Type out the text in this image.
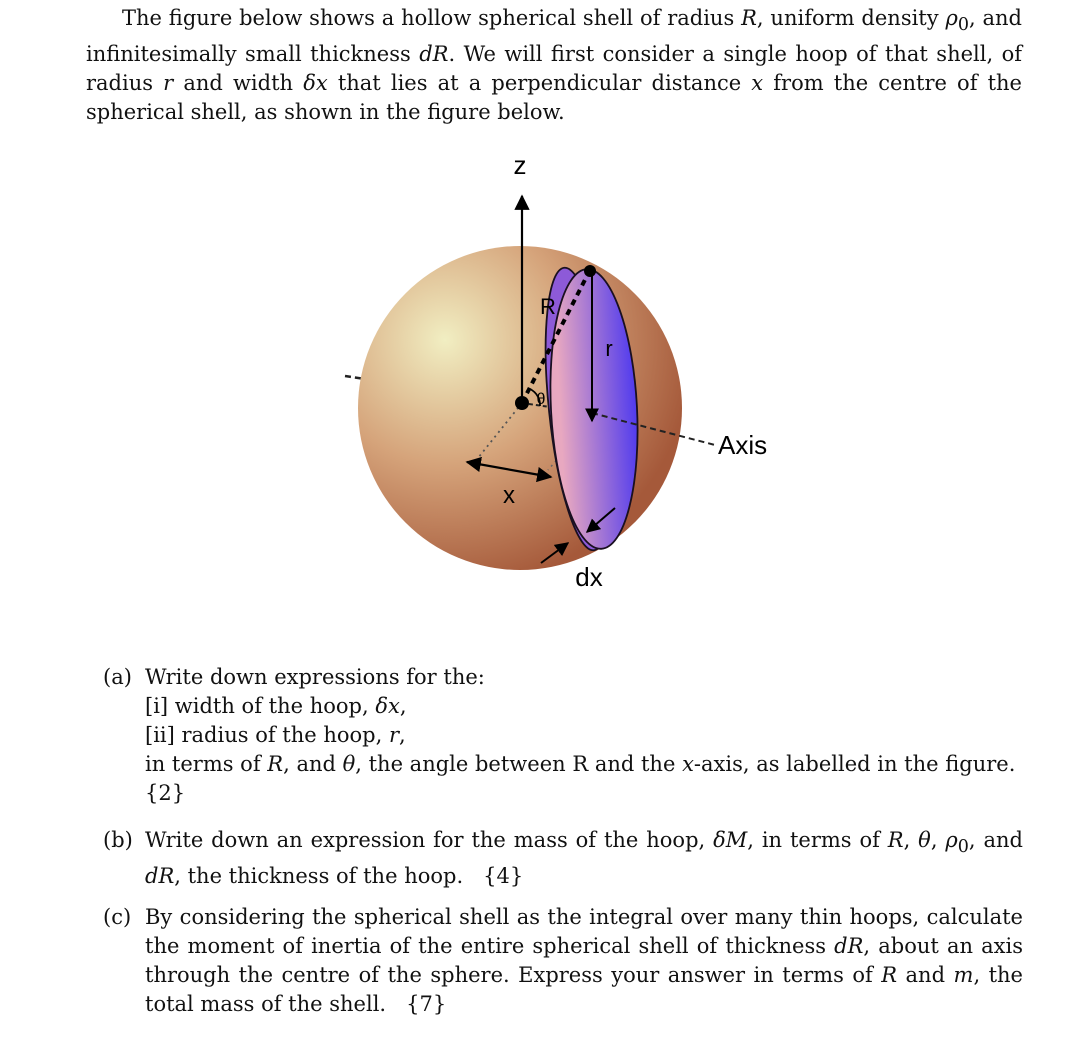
The figure below shows a hollow spherical shell of radius R, uniform density $\rho_0$, and infinitesimally small thickness dR. We will first consider a single hoop of that shell, of radius r and width δx that lies at a perpendicular distance x from the centre of the spherical shell, as shown in the figure below.
z
R
r
θ
Axis
x
dx
(a) Write down expressions for the:
[i] width of the hoop, δx,
[ii] radius of the hoop, r,
in terms of R, and θ, the angle between R and the x-axis, as labelled in the figure.
{2}
(b) Write down an expression for the mass of the hoop, δM, in terms of R, θ, $\rho_0$, and dR, the thickness of the hoop. {4}
(c) By considering the spherical shell as the integral over many thin hoops, calculate the moment of inertia of the entire spherical shell of thickness dR, about an axis through the centre of the sphere. Express your answer in terms of R and m, the total mass of the shell. {7}
